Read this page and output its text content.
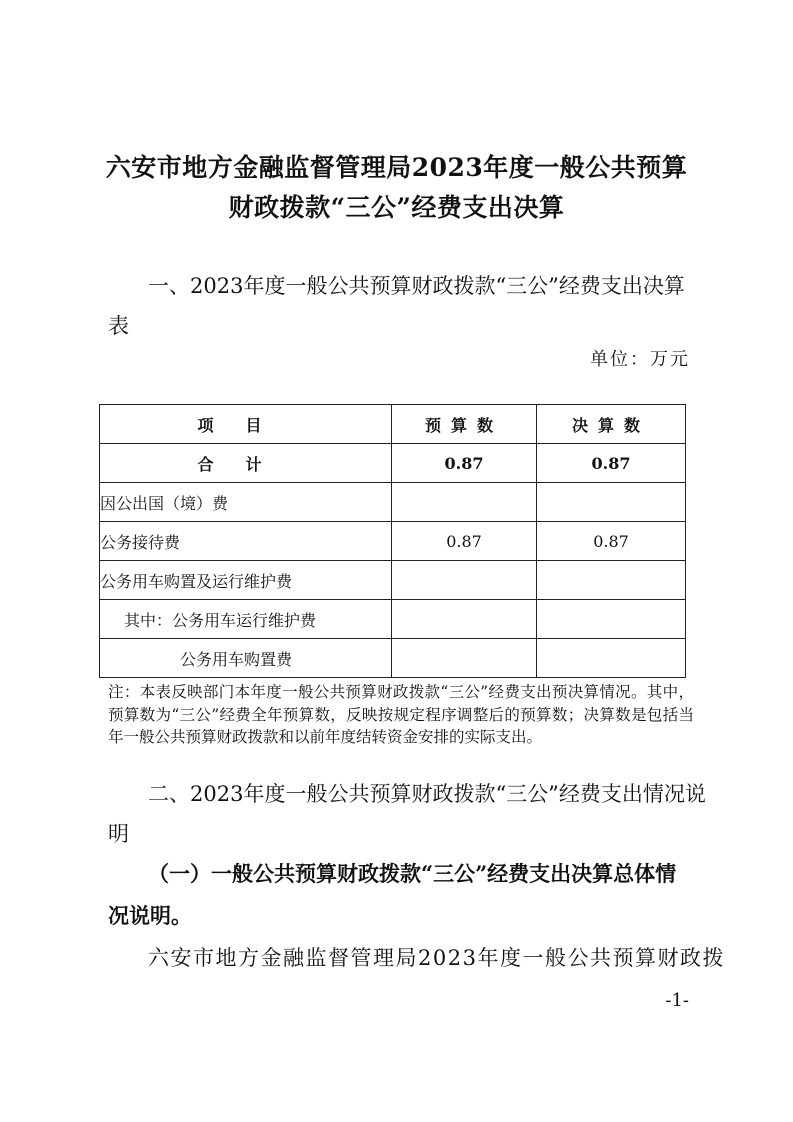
六安市地方金融监督管理局2023年度一般公共预算
财政拨款“三公”经费支出决算
一、2023年度一般公共预算财政拨款“三公”经费支出决算
表
单位：万元
项目	预算数	决算数
合计	0.87	0.87
因公出国（境）费		
公务接待费	0.87	0.87
公务用车购置及运行维护费		
其中：公务用车运行维护费		
公务用车购置费		
注：本表反映部门本年度一般公共预算财政拨款“三公”经费支出预决算情况。其中，预算数为“三公”经费全年预算数，反映按规定程序调整后的预算数；决算数是包括当年一般公共预算财政拨款和以前年度结转资金安排的实际支出。
二、2023年度一般公共预算财政拨款“三公”经费支出情况说
明
（一）一般公共预算财政拨款“三公”经费支出决算总体情
况说明。
六安市地方金融监督管理局2023年度一般公共预算财政拨
-1-
